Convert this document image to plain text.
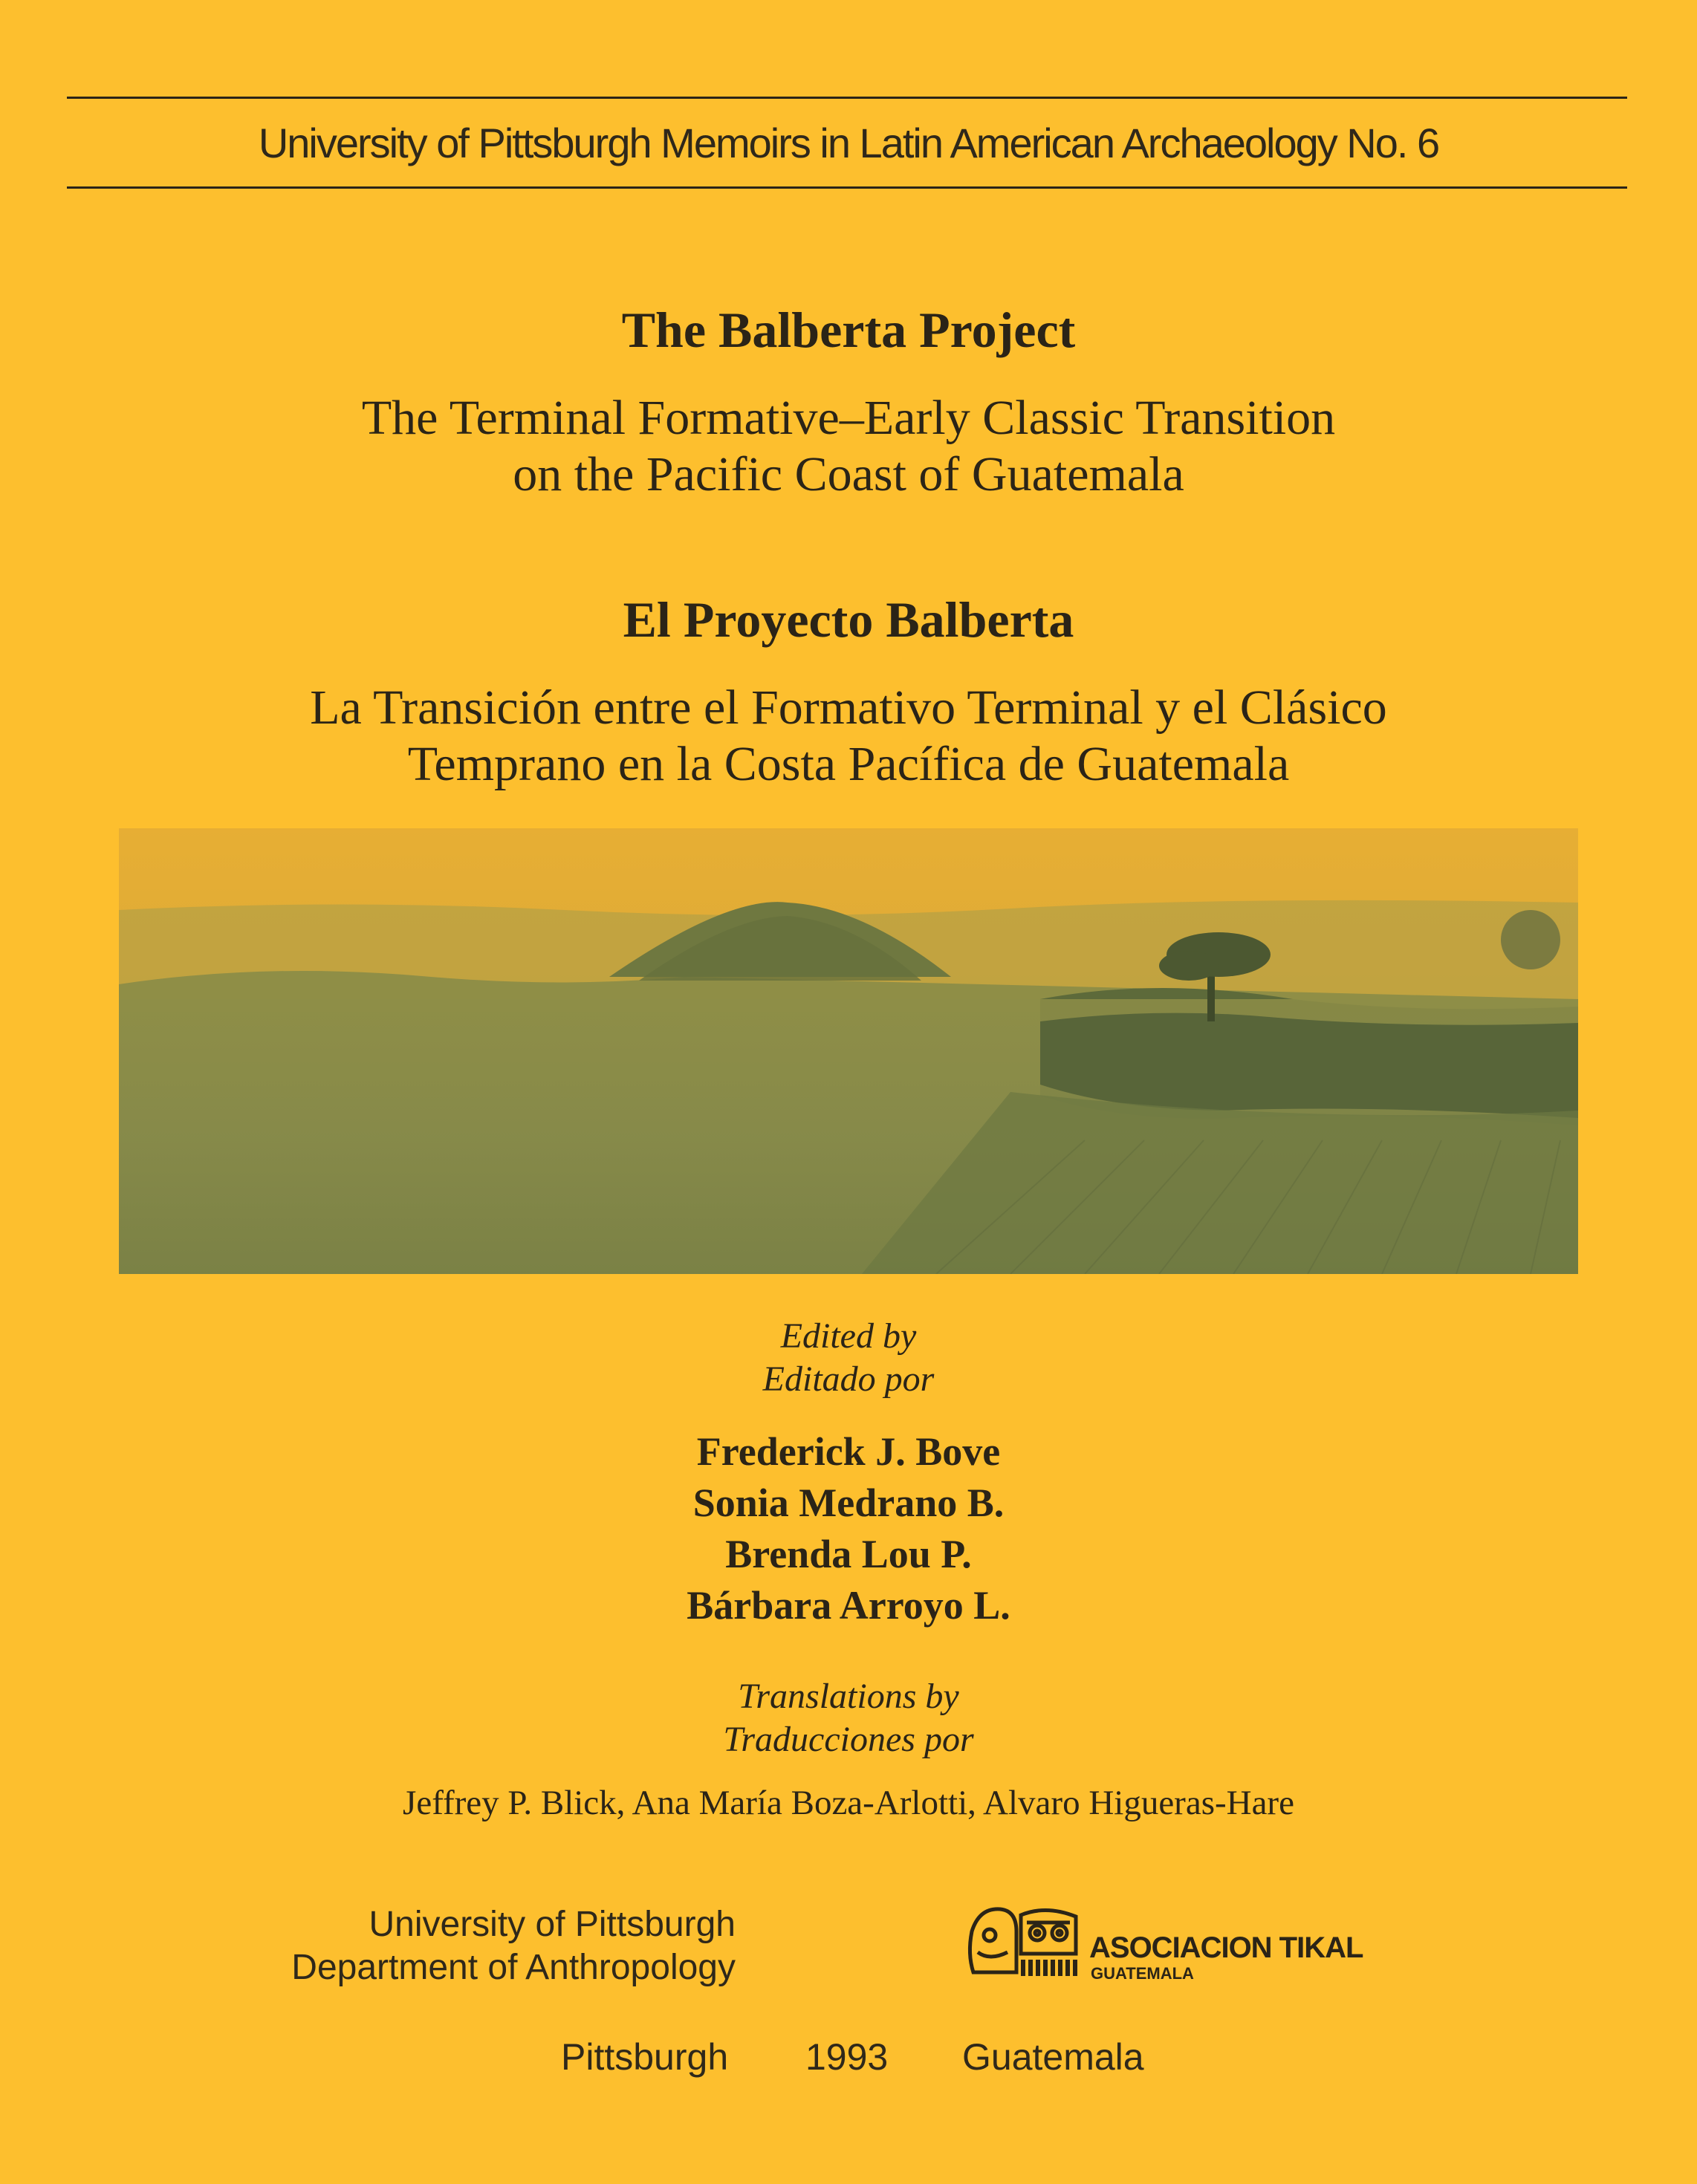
University of Pittsburgh Memoirs in Latin American Archaeology No. 6
The Balberta Project
The Terminal Formative–Early Classic Transition
on the Pacific Coast of Guatemala
El Proyecto Balberta
La Transición entre el Formativo Terminal y el Clásico
Temprano en la Costa Pacífica de Guatemala
Edited by
Editado por
Frederick J. Bove
Sonia Medrano B.
Brenda Lou P.
Bárbara Arroyo L.
Translations by
Traducciones por
Jeffrey P. Blick, Ana María Boza-Arlotti, Alvaro Higueras-Hare
University of Pittsburgh
Department of Anthropology	ASOCIACION TIKAL
GUATEMALA
Pittsburgh 1993 Guatemala
